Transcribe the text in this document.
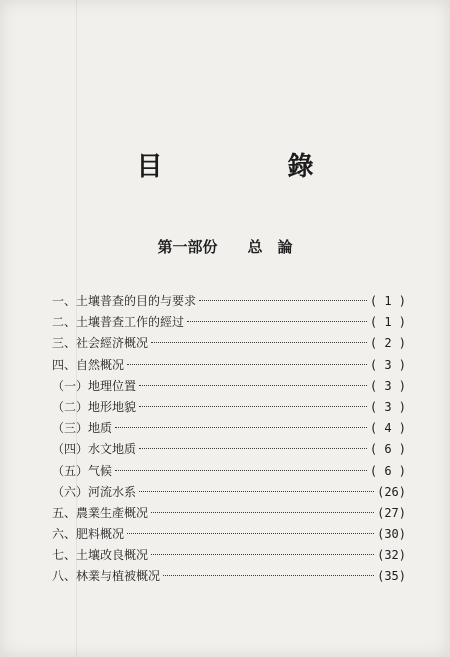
目 錄
第一部份　　总　論
一、土壤普查的目的与要求	( 1 )
二、土壤普查工作的經过	( 1 )
三、社会經济概况	( 2 )
四、自然概况	( 3 )
（一）地理位置	( 3 )
（二）地形地貌	( 3 )
（三）地质	( 4 )
（四）水文地质	( 6 )
（五）气候	( 6 )
（六）河流水系	(26)
五、農業生產概况	(27)
六、肥料概况	(30)
七、土壤改良概况	(32)
八、林業与植被概况	(35)
